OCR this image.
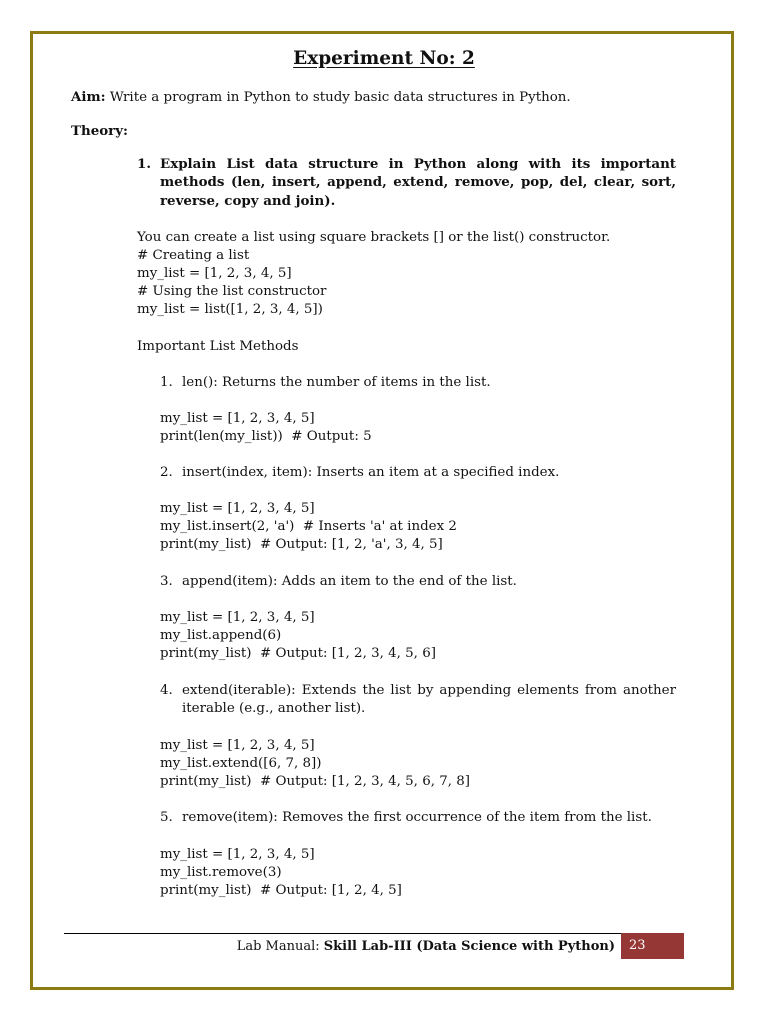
Experiment No: 2
Aim: Write a program in Python to study basic data structures in Python.
Theory:
1. Explain List data structure in Python along with its important methods (len, insert, append, extend, remove, pop, del, clear, sort, reverse, copy and join).
You can create a list using square brackets [] or the list() constructor.
# Creating a list
my_list = [1, 2, 3, 4, 5]
# Using the list constructor
my_list = list([1, 2, 3, 4, 5])
Important List Methods
1. len(): Returns the number of items in the list.
my_list = [1, 2, 3, 4, 5]
print(len(my_list))  # Output: 5
2. insert(index, item): Inserts an item at a specified index.
my_list = [1, 2, 3, 4, 5]
my_list.insert(2, 'a')  # Inserts 'a' at index 2
print(my_list)  # Output: [1, 2, 'a', 3, 4, 5]
3. append(item): Adds an item to the end of the list.
my_list = [1, 2, 3, 4, 5]
my_list.append(6)
print(my_list)  # Output: [1, 2, 3, 4, 5, 6]
4. extend(iterable): Extends the list by appending elements from another iterable (e.g., another list).
my_list = [1, 2, 3, 4, 5]
my_list.extend([6, 7, 8])
print(my_list)  # Output: [1, 2, 3, 4, 5, 6, 7, 8]
5. remove(item): Removes the first occurrence of the item from the list.
my_list = [1, 2, 3, 4, 5]
my_list.remove(3)
print(my_list)  # Output: [1, 2, 4, 5]
Lab Manual: Skill Lab-III (Data Science with Python)	23
